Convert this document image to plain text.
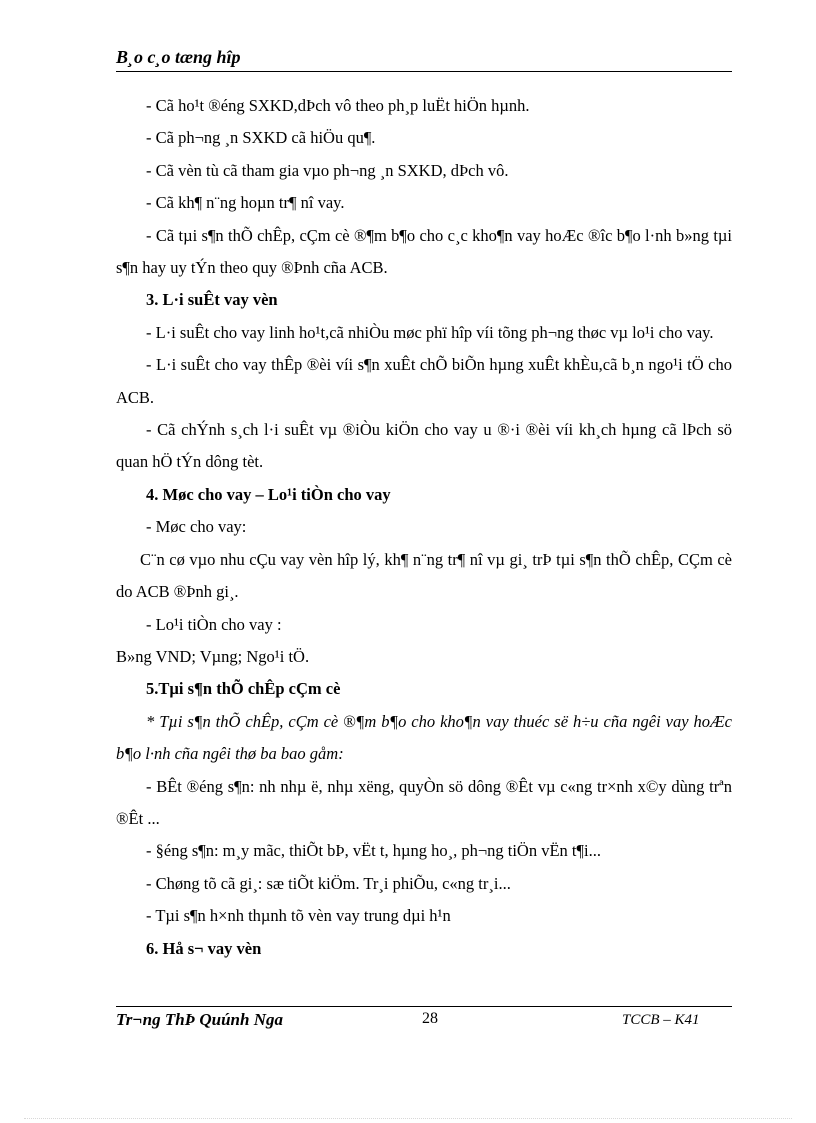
B¸o c¸o tæng hîp

- Cã ho¹t ®éng SXKD,dÞch vô theo ph¸p luËt hiÖn hµnh.

- Cã ph¬ng ¸n SXKD cã hiÖu qu¶.

- Cã vèn tù cã tham gia vµo ph¬ng ¸n SXKD, dÞch vô.

- Cã kh¶ n¨ng hoµn tr¶ nî vay.

- Cã tµi s¶n thÕ chÊp, cÇm cè ®¶m b¶o cho c¸c kho¶n vay hoÆc ®îc b¶o l·nh b»ng tµi s¶n hay uy tÝn theo quy ®Þnh cña ACB.

3. L·i suÊt vay vèn

- L·i suÊt cho vay linh ho¹t,cã nhiÒu møc phï hîp víi tõng ph¬ng thøc vµ lo¹i cho vay.

- L·i suÊt cho vay thÊp ®èi víi s¶n xuÊt chÕ biÕn hµng xuÊt khÈu,cã b¸n ngo¹i tÖ cho ACB.

- Cã chÝnh s¸ch l·i suÊt vµ ®iÒu kiÖn cho vay u ®·i ®èi víi kh¸ch hµng cã lÞch sö quan hÖ tÝn dông tèt.

4. Møc cho vay – Lo¹i tiÒn cho vay

- Møc cho vay:

C¨n cø vµo nhu cÇu vay vèn hîp lý, kh¶ n¨ng tr¶ nî vµ gi¸ trÞ tµi s¶n thÕ chÊp, CÇm cè do ACB ®Þnh gi¸.

- Lo¹i tiÒn cho vay :

B»ng VND; Vµng; Ngo¹i tÖ.

5.Tµi s¶n thÕ chÊp cÇm cè

* Tµi s¶n thÕ chÊp, cÇm cè ®¶m b¶o cho kho¶n vay thuéc së h÷u cña ngêi vay hoÆc b¶o l·nh cña ngêi thø ba bao gåm:

- BÊt ®éng s¶n: nh nhµ ë, nhµ xëng, quyÒn sö dông ®Êt vµ c«ng tr×nh x©y dùng trªn ®Êt ...

- §éng s¶n: m¸y mãc, thiÕt bÞ, vËt t, hµng ho¸, ph¬ng tiÖn vËn t¶i...

- Chøng tõ cã gi¸: sæ tiÕt kiÖm. Tr¸i phiÕu, c«ng tr¸i...

- Tµi s¶n h×nh thµnh tõ vèn vay trung dµi h¹n

6. Hå s¬ vay vèn

Tr¬ng ThÞ Quúnh Nga	28	TCCB – K41
